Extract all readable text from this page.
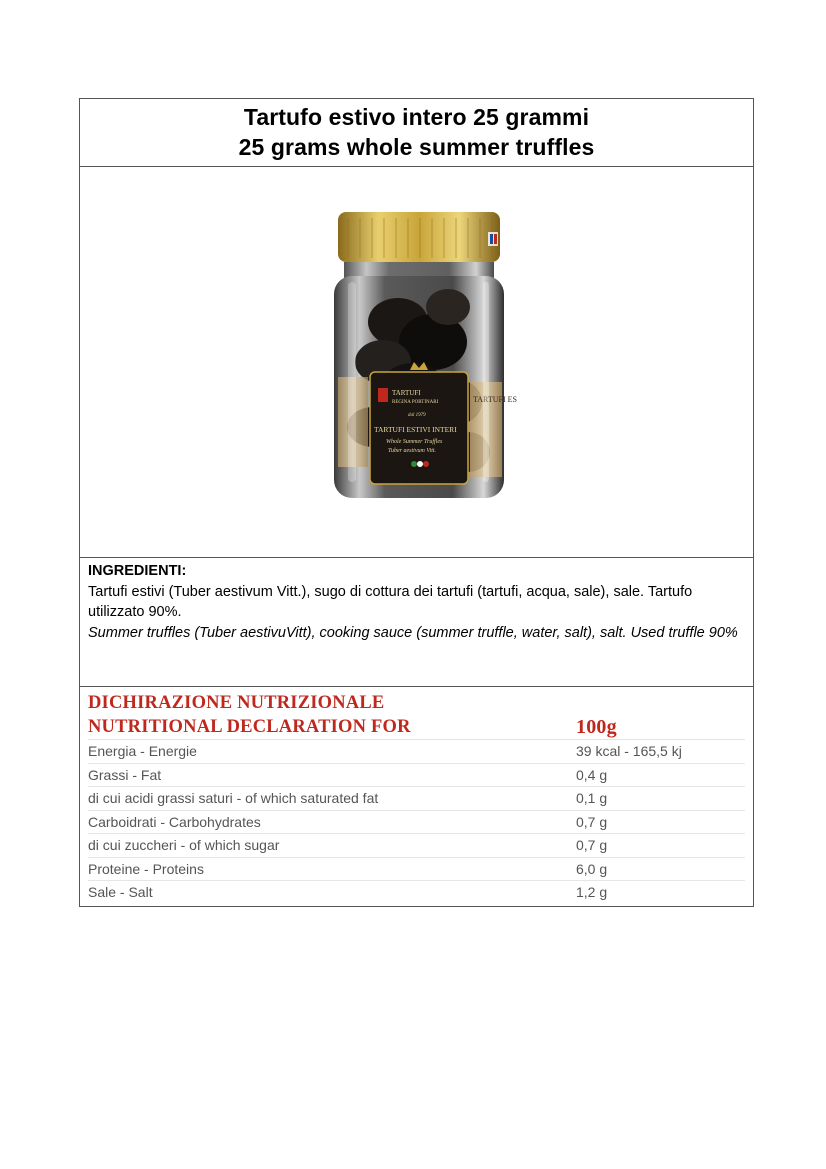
Tartufo estivo intero 25 grammi
25 grams whole summer truffles
TARTUFI ES
TARTUFI
REGINA PORTINARI
dal 1979
TARTUFI ESTIVI INTERI
Whole Summer Truffles
Tuber aestivum Vitt.
INGREDIENTI:
Tartufi estivi (Tuber aestivum Vitt.), sugo di cottura dei tartufi (tartufi, acqua, sale), sale. Tartufo utilizzato 90%.
Summer truffles (Tuber aestivuVitt), cooking sauce (summer truffle, water, salt), salt. Used truffle 90%
DICHIRAZIONE NUTRIZIONALE
NUTRITIONAL DECLARATION FOR	100g
Energia - Energie	39 kcal - 165,5 kj
Grassi - Fat	0,4 g
di cui acidi grassi saturi - of which saturated fat	0,1 g
Carboidrati - Carbohydrates	0,7 g
di cui zuccheri - of which sugar	0,7 g
Proteine - Proteins	6,0 g
Sale - Salt	1,2 g
